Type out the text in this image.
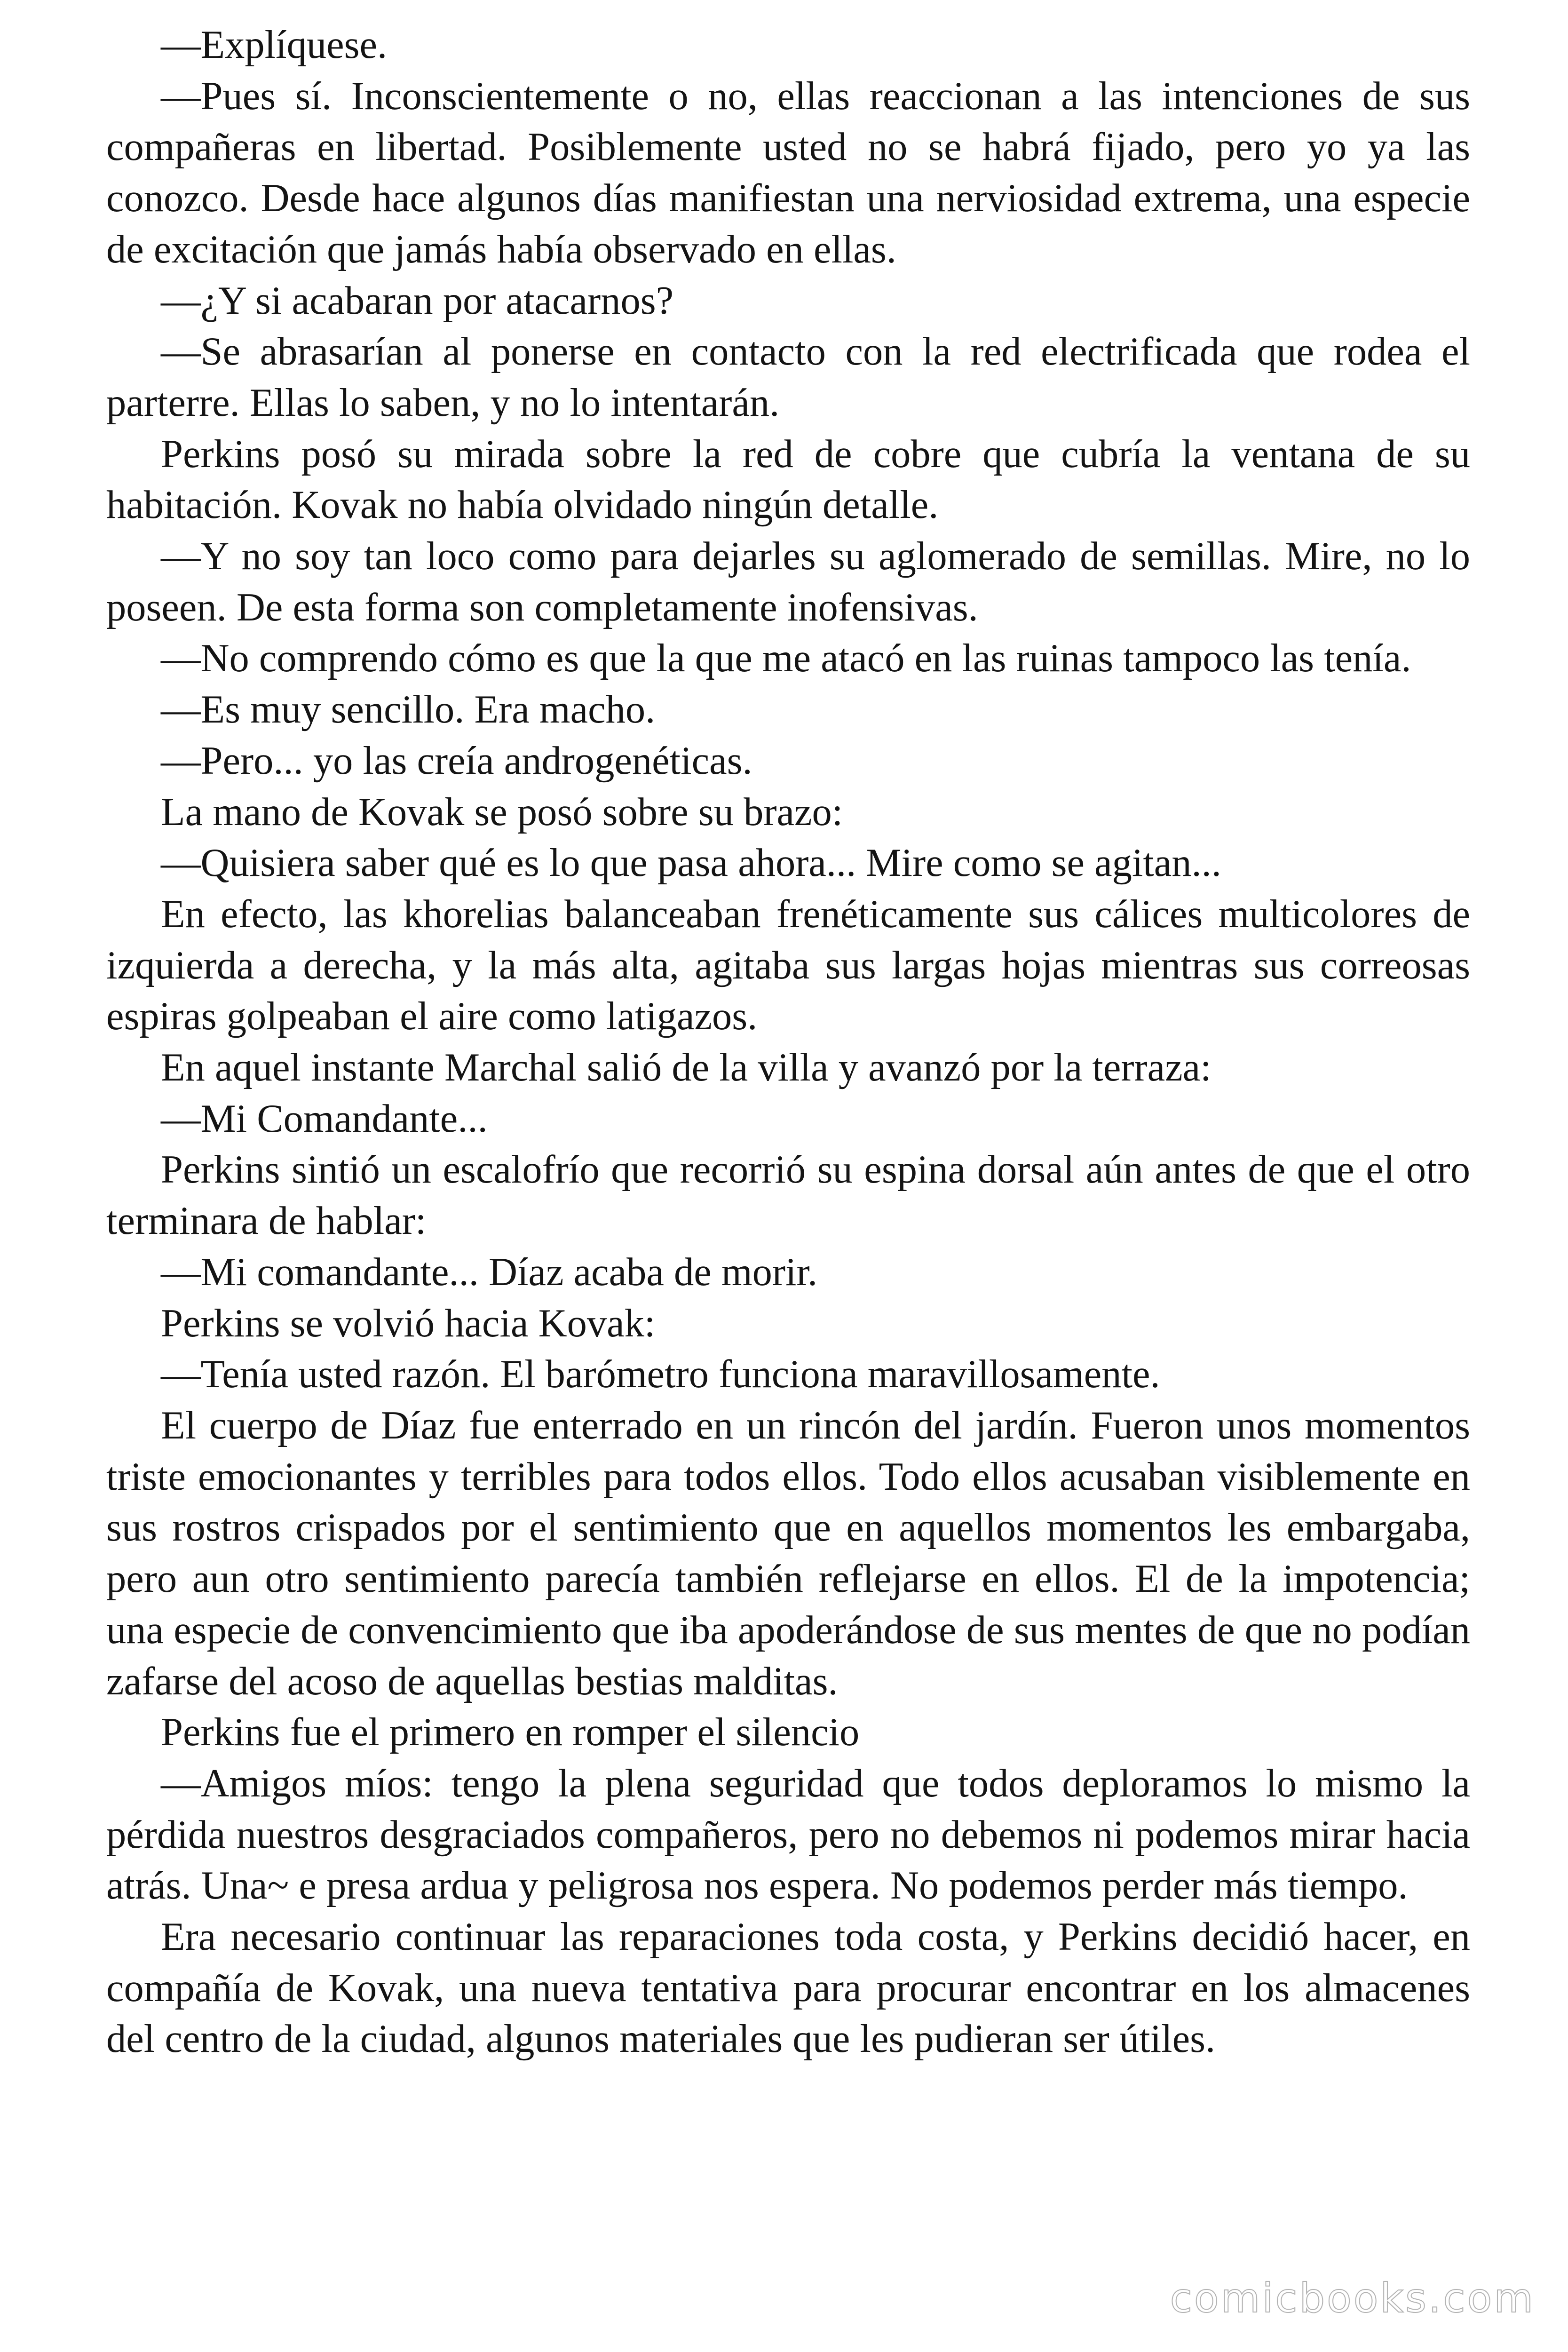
—Explíquese.

—Pues sí. Inconscientemente o no, ellas reaccionan a las intenciones de sus compañeras en libertad. Posiblemente usted no se habrá fijado, pero yo ya las conozco. Desde hace algunos días manifiestan una nerviosidad extrema, una especie de excitación que jamás había observado en ellas.

—¿Y si acabaran por atacarnos?

—Se abrasarían al ponerse en contacto con la red electrificada que rodea el parterre. Ellas lo saben, y no lo intentarán.

Perkins posó su mirada sobre la red de cobre que cubría la ventana de su habitación. Kovak no había olvidado ningún detalle.

—Y no soy tan loco como para dejarles su aglomerado de semillas. Mire, no lo poseen. De esta forma son completamente inofensivas.

—No comprendo cómo es que la que me atacó en las ruinas tampoco las tenía.

—Es muy sencillo. Era macho.

—Pero... yo las creía androgenéticas.

La mano de Kovak se posó sobre su brazo:

—Quisiera saber qué es lo que pasa ahora... Mire como se agitan...

En efecto, las khorelias balanceaban frenéticamente sus cálices multicolores de izquierda a derecha, y la más alta, agitaba sus largas hojas mientras sus correosas espiras golpeaban el aire como latigazos.

En aquel instante Marchal salió de la villa y avanzó por la terraza:

—Mi Comandante...

Perkins sintió un escalofrío que recorrió su espina dorsal aún antes de que el otro terminara de hablar:

—Mi comandante... Díaz acaba de morir.

Perkins se volvió hacia Kovak:

—Tenía usted razón. El barómetro funciona maravillosamente.

El cuerpo de Díaz fue enterrado en un rincón del jardín. Fueron unos momentos triste emocionantes y terribles para todos ellos. Todo ellos acusaban visiblemente en sus rostros crispados por el sentimiento que en aquellos momentos les embargaba, pero aun otro sentimiento parecía también reflejarse en ellos. El de la impotencia; una especie de convencimiento que iba apoderándose de sus mentes de que no podían zafarse del acoso de aquellas bestias malditas.

Perkins fue el primero en romper el silencio

—Amigos míos: tengo la plena seguridad que todos deploramos lo mismo la pérdida nuestros desgraciados compañeros, pero no debemos ni podemos mirar hacia atrás. Una~ e presa ardua y peligrosa nos espera. No podemos perder más tiempo.

Era necesario continuar las reparaciones toda costa, y Perkins decidió hacer, en compañía de Kovak, una nueva tentativa para procurar encontrar en los almacenes del centro de la ciudad, algunos materiales que les pudieran ser útiles.

comicbooks.com
